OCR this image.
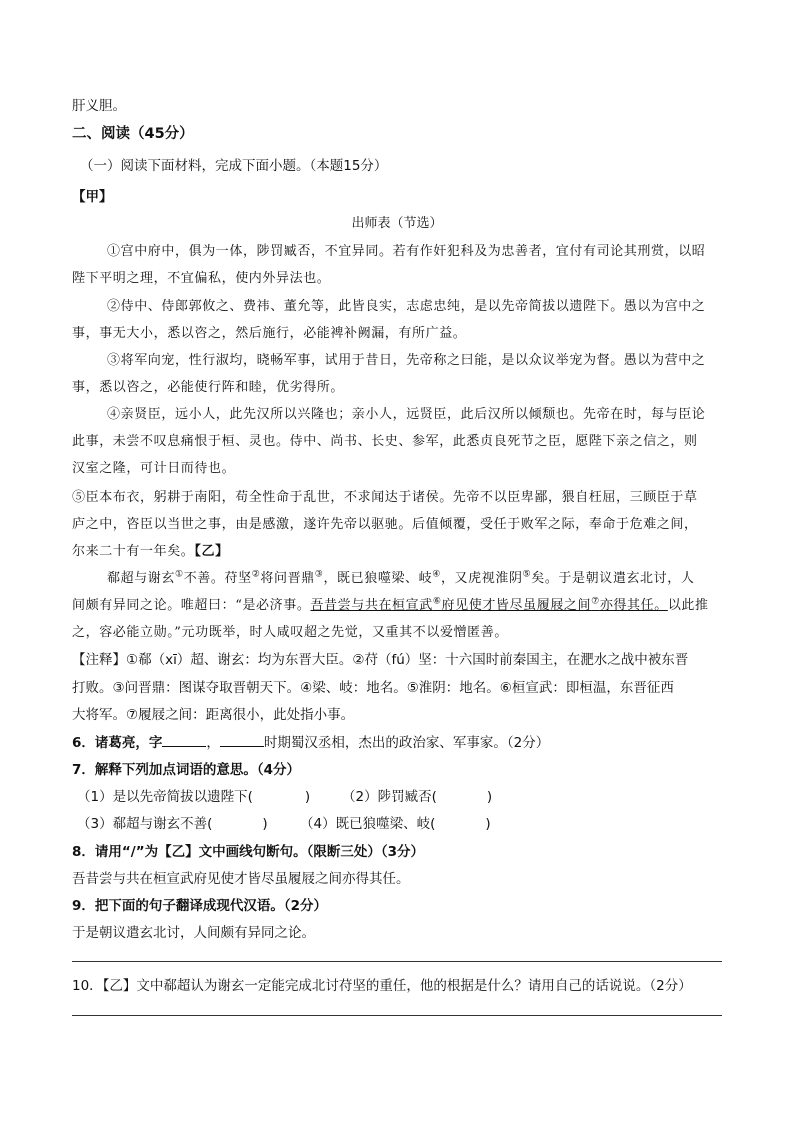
肝义胆。
二、阅读（45分）
（一）阅读下面材料，完成下面小题。（本题15分）
【甲】
出师表（节选）
①宫中府中，俱为一体，陟罚臧否，不宜异同。若有作奸犯科及为忠善者，宜付有司论其刑赏，以昭
陛下平明之理，不宜偏私，使内外异法也。
②侍中、侍郎郭攸之、费祎、董允等，此皆良实，志虑忠纯，是以先帝简拔以遗陛下。愚以为宫中之
事，事无大小，悉以咨之，然后施行，必能裨补阙漏，有所广益。
③将军向宠，性行淑均，晓畅军事，试用于昔日，先帝称之曰能，是以众议举宠为督。愚以为营中之
事，悉以咨之，必能使行阵和睦，优劣得所。
④亲贤臣，远小人，此先汉所以兴隆也；亲小人，远贤臣，此后汉所以倾颓也。先帝在时，每与臣论
此事，未尝不叹息痛恨于桓、灵也。侍中、尚书、长史、参军，此悉贞良死节之臣，愿陛下亲之信之，则
汉室之隆，可计日而待也。
⑤臣本布衣，躬耕于南阳，苟全性命于乱世，不求闻达于诸侯。先帝不以臣卑鄙，猥自枉屈，三顾臣于草
庐之中，咨臣以当世之事，由是感激，遂许先帝以驱驰。后值倾覆，受任于败军之际，奉命于危难之间，
尔来二十有一年矣。【乙】
郗超与谢玄①不善。苻坚②将问晋鼎③，既已狼噬梁、岐④，又虎视淮阴⑤矣。于是朝议遣玄北讨，人
间颇有异同之论。唯超曰：“是必济事。吾昔尝与共在桓宣武⑥府见使才皆尽虽履屐之间⑦亦得其任。以此推
之，容必能立勋。”元功既举，时人咸叹超之先觉，又重其不以爱憎匿善。
【注释】①郗（xī）超、谢玄：均为东晋大臣。②苻（fú）坚：十六国时前秦国主，在淝水之战中被东晋
打败。③问晋鼎：图谋夺取晋朝天下。④梁、岐：地名。⑤淮阴：地名。⑥桓宣武：即桓温，东晋征西
大将军。⑦履屐之间：距离很小，此处指小事。
6．诸葛亮，字	，	时期蜀汉丞相，杰出的政治家、军事家。（2分）
7．解释下列加点词语的意思。（4分）
（1）是以先帝简拔以遗陛下(	) （2）陟罚臧否(	)
（3）郗超与谢玄不善(	) （4）既已狼噬梁、岐(	)
8．请用“/”为【乙】文中画线句断句。（限断三处）（3分）
吾昔尝与共在桓宣武府见使才皆尽虽履屐之间亦得其任。
9．把下面的句子翻译成现代汉语。（2分）
于是朝议遣玄北讨，人间颇有异同之论。
10．【乙】文中郗超认为谢玄一定能完成北讨苻坚的重任，他的根据是什么？请用自己的话说说。（2分）
